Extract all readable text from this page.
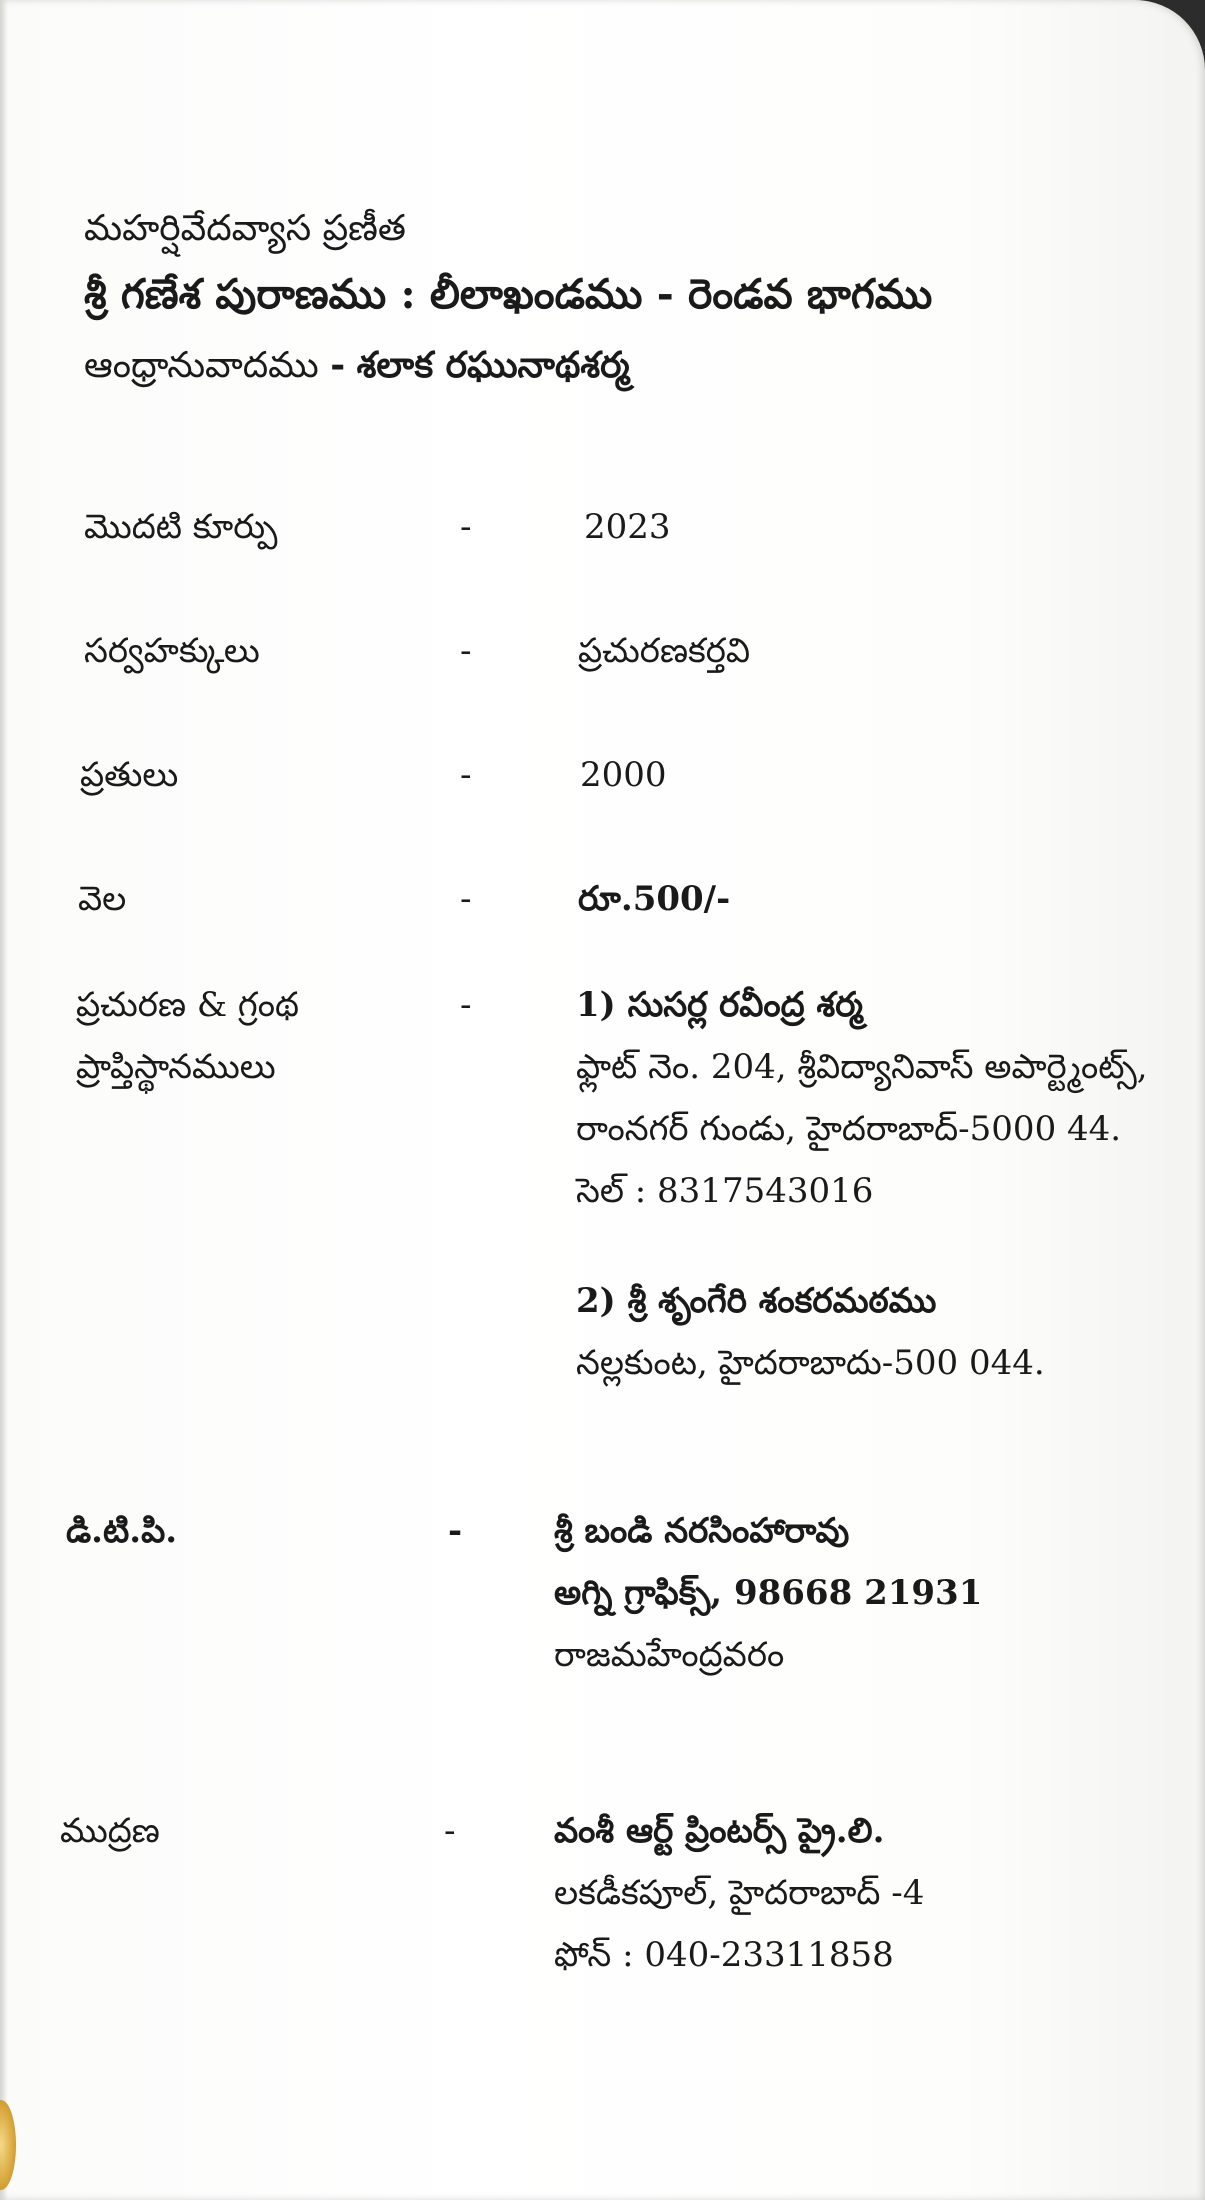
మహర్షివేదవ్యాస ప్రణీత
శ్రీ గణేశ పురాణము : లీలాఖండము - రెండవ భాగము
ఆంధ్రానువాదము - శలాక రఘునాథశర్మ
మొదటి కూర్పు	-	2023
సర్వహక్కులు	-	ప్రచురణకర్తవి
ప్రతులు	-	2000
వెల	-	రూ.500/-
ప్రచురణ & గ్రంథ
ప్రాప్తిస్థానములు
-	1) సుసర్ల రవీంద్ర శర్మ
ఫ్లాట్ నెం. 204, శ్రీవిద్యానివాస్ అపార్ట్మెంట్స్,
రాంనగర్ గుండు, హైదరాబాద్-5000 44.
సెల్ : 8317543016
2) శ్రీ శృంగేరి శంకరమఠము
నల్లకుంట, హైదరాబాదు-500 044.
డి.టి.పి.	-	శ్రీ బండి నరసింహారావు
అగ్ని గ్రాఫిక్స్, 98668 21931
రాజమహేంద్రవరం
ముద్రణ	-	వంశీ ఆర్ట్ ప్రింటర్స్ ప్రై.లి.
లకడీకపూల్, హైదరాబాద్ -4
ఫోన్ : 040-23311858
